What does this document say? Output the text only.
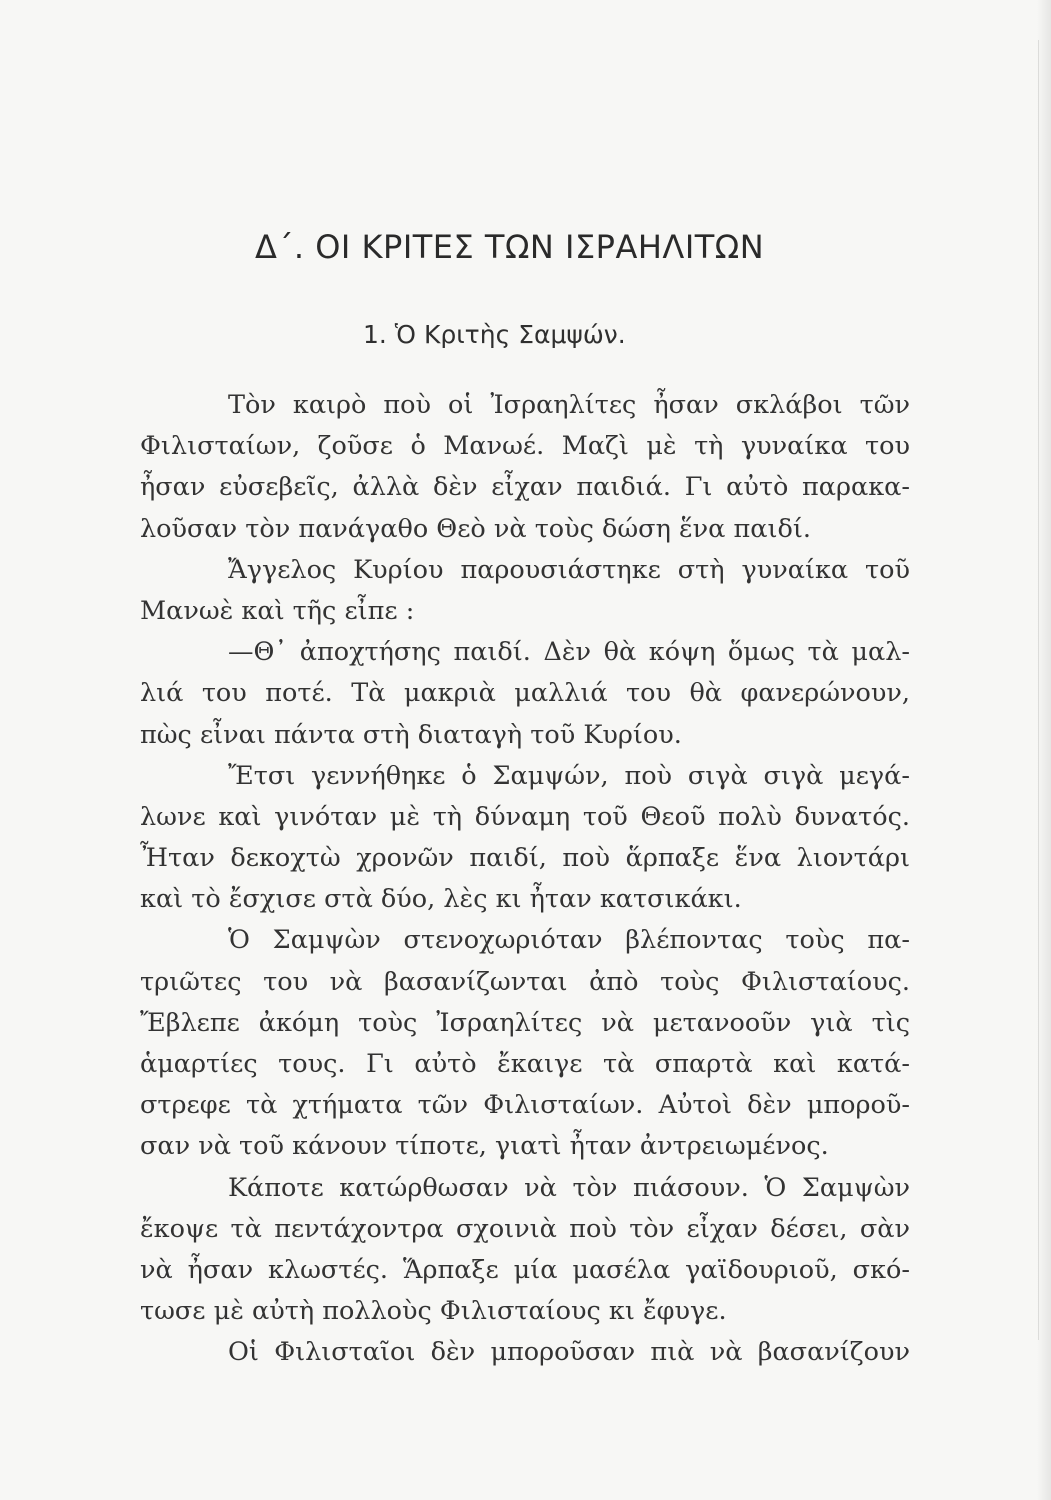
Δ΄. ΟΙ ΚΡΙΤΕΣ ΤΩΝ ΙΣΡΑΗΛΙΤΩΝ
1. Ὁ Κριτὴς Σαμψών.
Τὸν καιρὸ ποὺ οἱ Ἰσραηλίτες ἦσαν σκλάβοι τῶν
Φιλισταίων, ζοῦσε ὁ Μανωέ. Μαζὶ μὲ τὴ γυναίκα του
ἦσαν εὐσεβεῖς, ἀλλὰ δὲν εἶχαν παιδιά. Γι αὐτὸ παρακα-
λοῦσαν τὸν πανάγαθο Θεὸ νὰ τοὺς δώση ἕνα παιδί.
Ἄγγελος Κυρίου παρουσιάστηκε στὴ γυναίκα τοῦ
Μανωὲ καὶ τῆς εἶπε :
—Θ᾽ ἀποχτήσης παιδί. Δὲν θὰ κόψη ὅμως τὰ μαλ-
λιά του ποτέ. Τὰ μακριὰ μαλλιά του θὰ φανερώνουν,
πὼς εἶναι πάντα στὴ διαταγὴ τοῦ Κυρίου.
Ἔτσι γεννήθηκε ὁ Σαμψών, ποὺ σιγὰ σιγὰ μεγά-
λωνε καὶ γινόταν μὲ τὴ δύναμη τοῦ Θεοῦ πολὺ δυνατός.
Ἦταν δεκοχτὼ χρονῶν παιδί, ποὺ ἅρπαξε ἕνα λιοντάρι
καὶ τὸ ἔσχισε στὰ δύο, λὲς κι ἦταν κατσικάκι.
Ὁ Σαμψὼν στενοχωριόταν βλέποντας τοὺς πα-
τριῶτες του νὰ βασανίζωνται ἀπὸ τοὺς Φιλισταίους.
Ἔβλεπε ἀκόμη τοὺς Ἰσραηλίτες νὰ μετανοοῦν γιὰ τὶς
ἁμαρτίες τους. Γι αὐτὸ ἔκαιγε τὰ σπαρτὰ καὶ κατά-
στρεφε τὰ χτήματα τῶν Φιλισταίων. Αὐτοὶ δὲν μποροῦ-
σαν νὰ τοῦ κάνουν τίποτε, γιατὶ ἦταν ἀντρειωμένος.
Κάποτε κατώρθωσαν νὰ τὸν πιάσουν. Ὁ Σαμψὼν
ἔκοψε τὰ πεντάχοντρα σχοινιὰ ποὺ τὸν εἶχαν δέσει, σὰν
νὰ ἦσαν κλωστές. Ἅρπαξε μία μασέλα γαϊδουριοῦ, σκό-
τωσε μὲ αὐτὴ πολλοὺς Φιλισταίους κι ἔφυγε.
Οἱ Φιλισταῖοι δὲν μποροῦσαν πιὰ νὰ βασανίζουν
